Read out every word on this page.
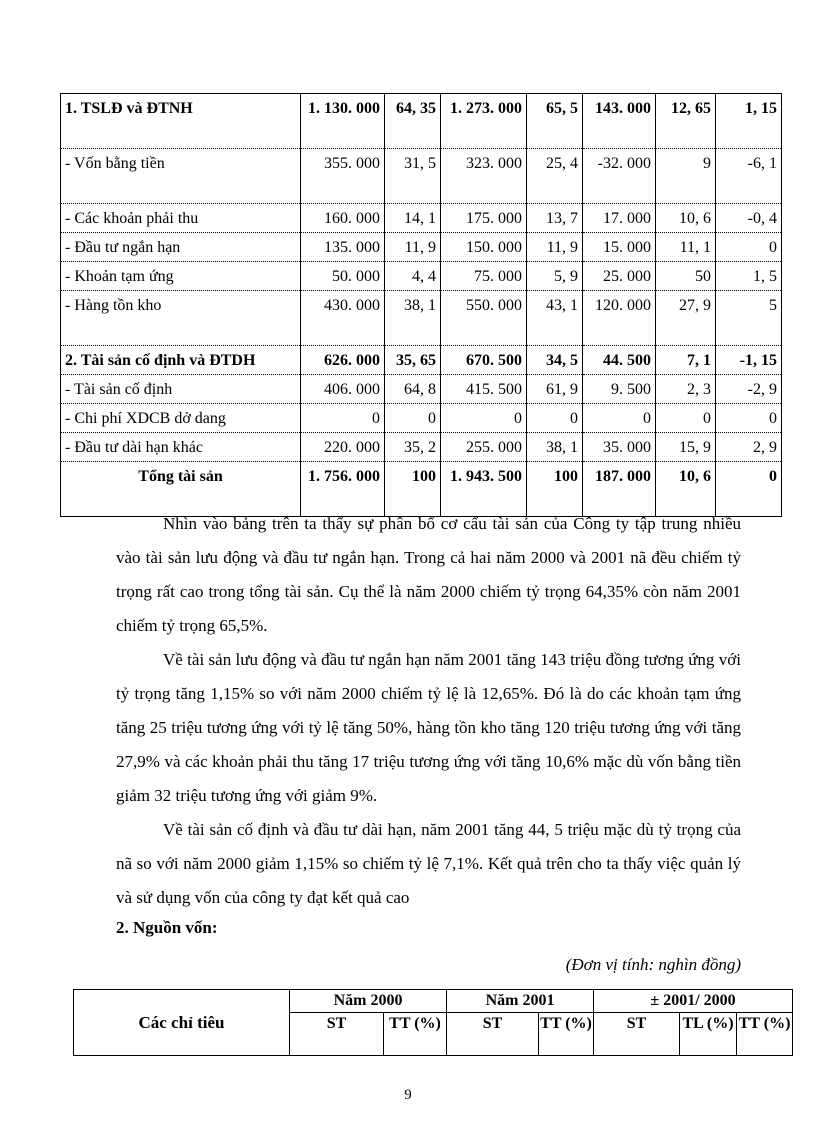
1. TSLĐ và ĐTNH	1. 130. 000	64, 35	1. 273. 000	65, 5	143. 000	12, 65	1, 15
- Vốn bằng tiền	355. 000	31, 5	323. 000	25, 4	-32. 000	9	-6, 1
- Các khoản phải thu	160. 000	14, 1	175. 000	13, 7	17. 000	10, 6	-0, 4
- Đầu tư ngắn hạn	135. 000	11, 9	150. 000	11, 9	15. 000	11, 1	0
- Khoản tạm ứng	50. 000	4, 4	75. 000	5, 9	25. 000	50	1, 5
- Hàng tồn kho	430. 000	38, 1	550. 000	43, 1	120. 000	27, 9	5
2. Tài sản cố định và ĐTDH	626. 000	35, 65	670. 500	34, 5	44. 500	7, 1	-1, 15
- Tài sản cố định	406. 000	64, 8	415. 500	61, 9	9. 500	2, 3	-2, 9
- Chi phí XDCB dở dang	0	0	0	0	0	0	0
- Đầu tư dài hạn khác	220. 000	35, 2	255. 000	38, 1	35. 000	15, 9	2, 9
Tổng tài sản	1. 756. 000	100	1. 943. 500	100	187. 000	10, 6	0
Nhìn vào bảng trên ta thấy sự phân bố cơ cấu tài sản của Công ty tập trung nhiều vào tài sản lưu động và đầu tư ngắn hạn. Trong cả hai năm 2000 và 2001 nã đều chiếm tỷ trọng rất cao trong tổng tài sản. Cụ thể là năm 2000 chiếm tỷ trọng 64,35% còn năm 2001 chiếm tỷ trọng 65,5%.
Về tài sản lưu động và đầu tư ngắn hạn năm 2001 tăng 143 triệu đồng tương ứng với tỷ trọng tăng 1,15% so với năm 2000 chiếm tỷ lệ là 12,65%. Đó là do các khoản tạm ứng tăng 25 triệu tương ứng với tỷ lệ tăng 50%, hàng tồn kho tăng 120 triệu tương ứng với tăng 27,9% và các khoản phải thu tăng 17 triệu tương ứng với tăng 10,6% mặc dù vốn bằng tiền giảm 32 triệu tương ứng với giảm 9%.
Về tài sản cố định và đầu tư dài hạn, năm 2001 tăng 44, 5 triệu mặc dù tỷ trọng của nã so với năm 2000 giảm 1,15% so chiếm tỷ lệ 7,1%. Kết quả trên cho ta thấy việc quản lý và sử dụng vốn của công ty đạt kết quả cao
2. Nguồn vốn:
(Đơn vị tính: nghìn đồng)
Các chỉ tiêu	Năm 2000		Năm 2001		± 2001/ 2000		
	ST	TT (%)	ST	TT (%)	ST	TL (%)	TT (%)
9
